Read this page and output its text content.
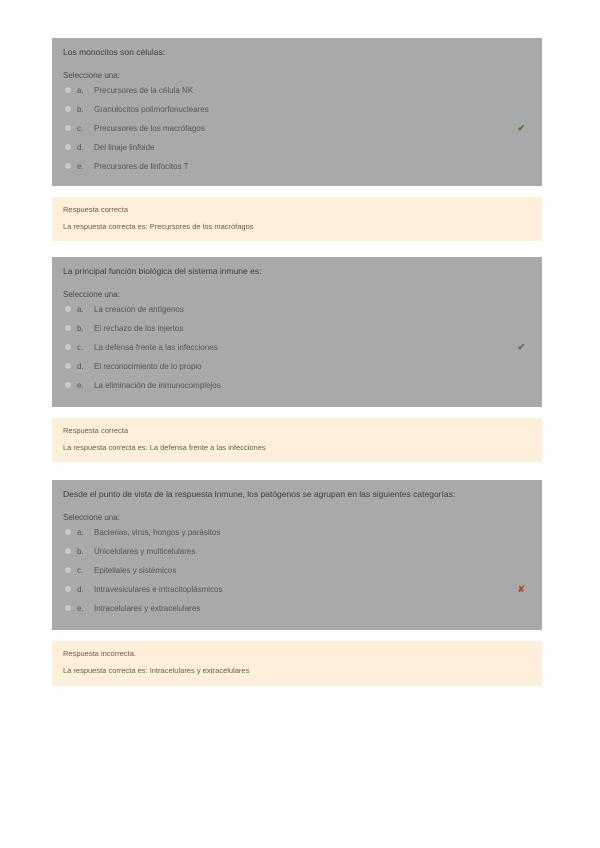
Los monocitos son células:
Seleccione una:
a. Precursores de la célula NK
b. Granulocitos polimorfonucleares
c. Precursores de los macrófagos	✔
d. Del linaje linfoide
e. Precursores de linfocitos T
Respuesta correcta
La respuesta correcta es: Precursores de los macrófagos
La principal función biológica del sistema inmune es:
Seleccione una:
a. La creación de antígenos
b. El rechazo de los injertos
c. La defensa frente a las infecciones	✔
d. El reconocimiento de lo propio
e. La eliminación de inmunocomplejos
Respuesta correcta
La respuesta correcta es: La defensa frente a las infecciones
Desde el punto de vista de la respuesta inmune, los patógenos se agrupan en las siguientes categorías:
Seleccione una:
a. Bacterias, virus, hongos y parásitos
b. Unicelulares y multicelulares
c. Epiteliales y sistémicos
d. Intravesiculares e intracitoplásmicos	✘
e. Intracelulares y extracelulares
Respuesta incorrecta.
La respuesta correcta es: Intracelulares y extracelulares
